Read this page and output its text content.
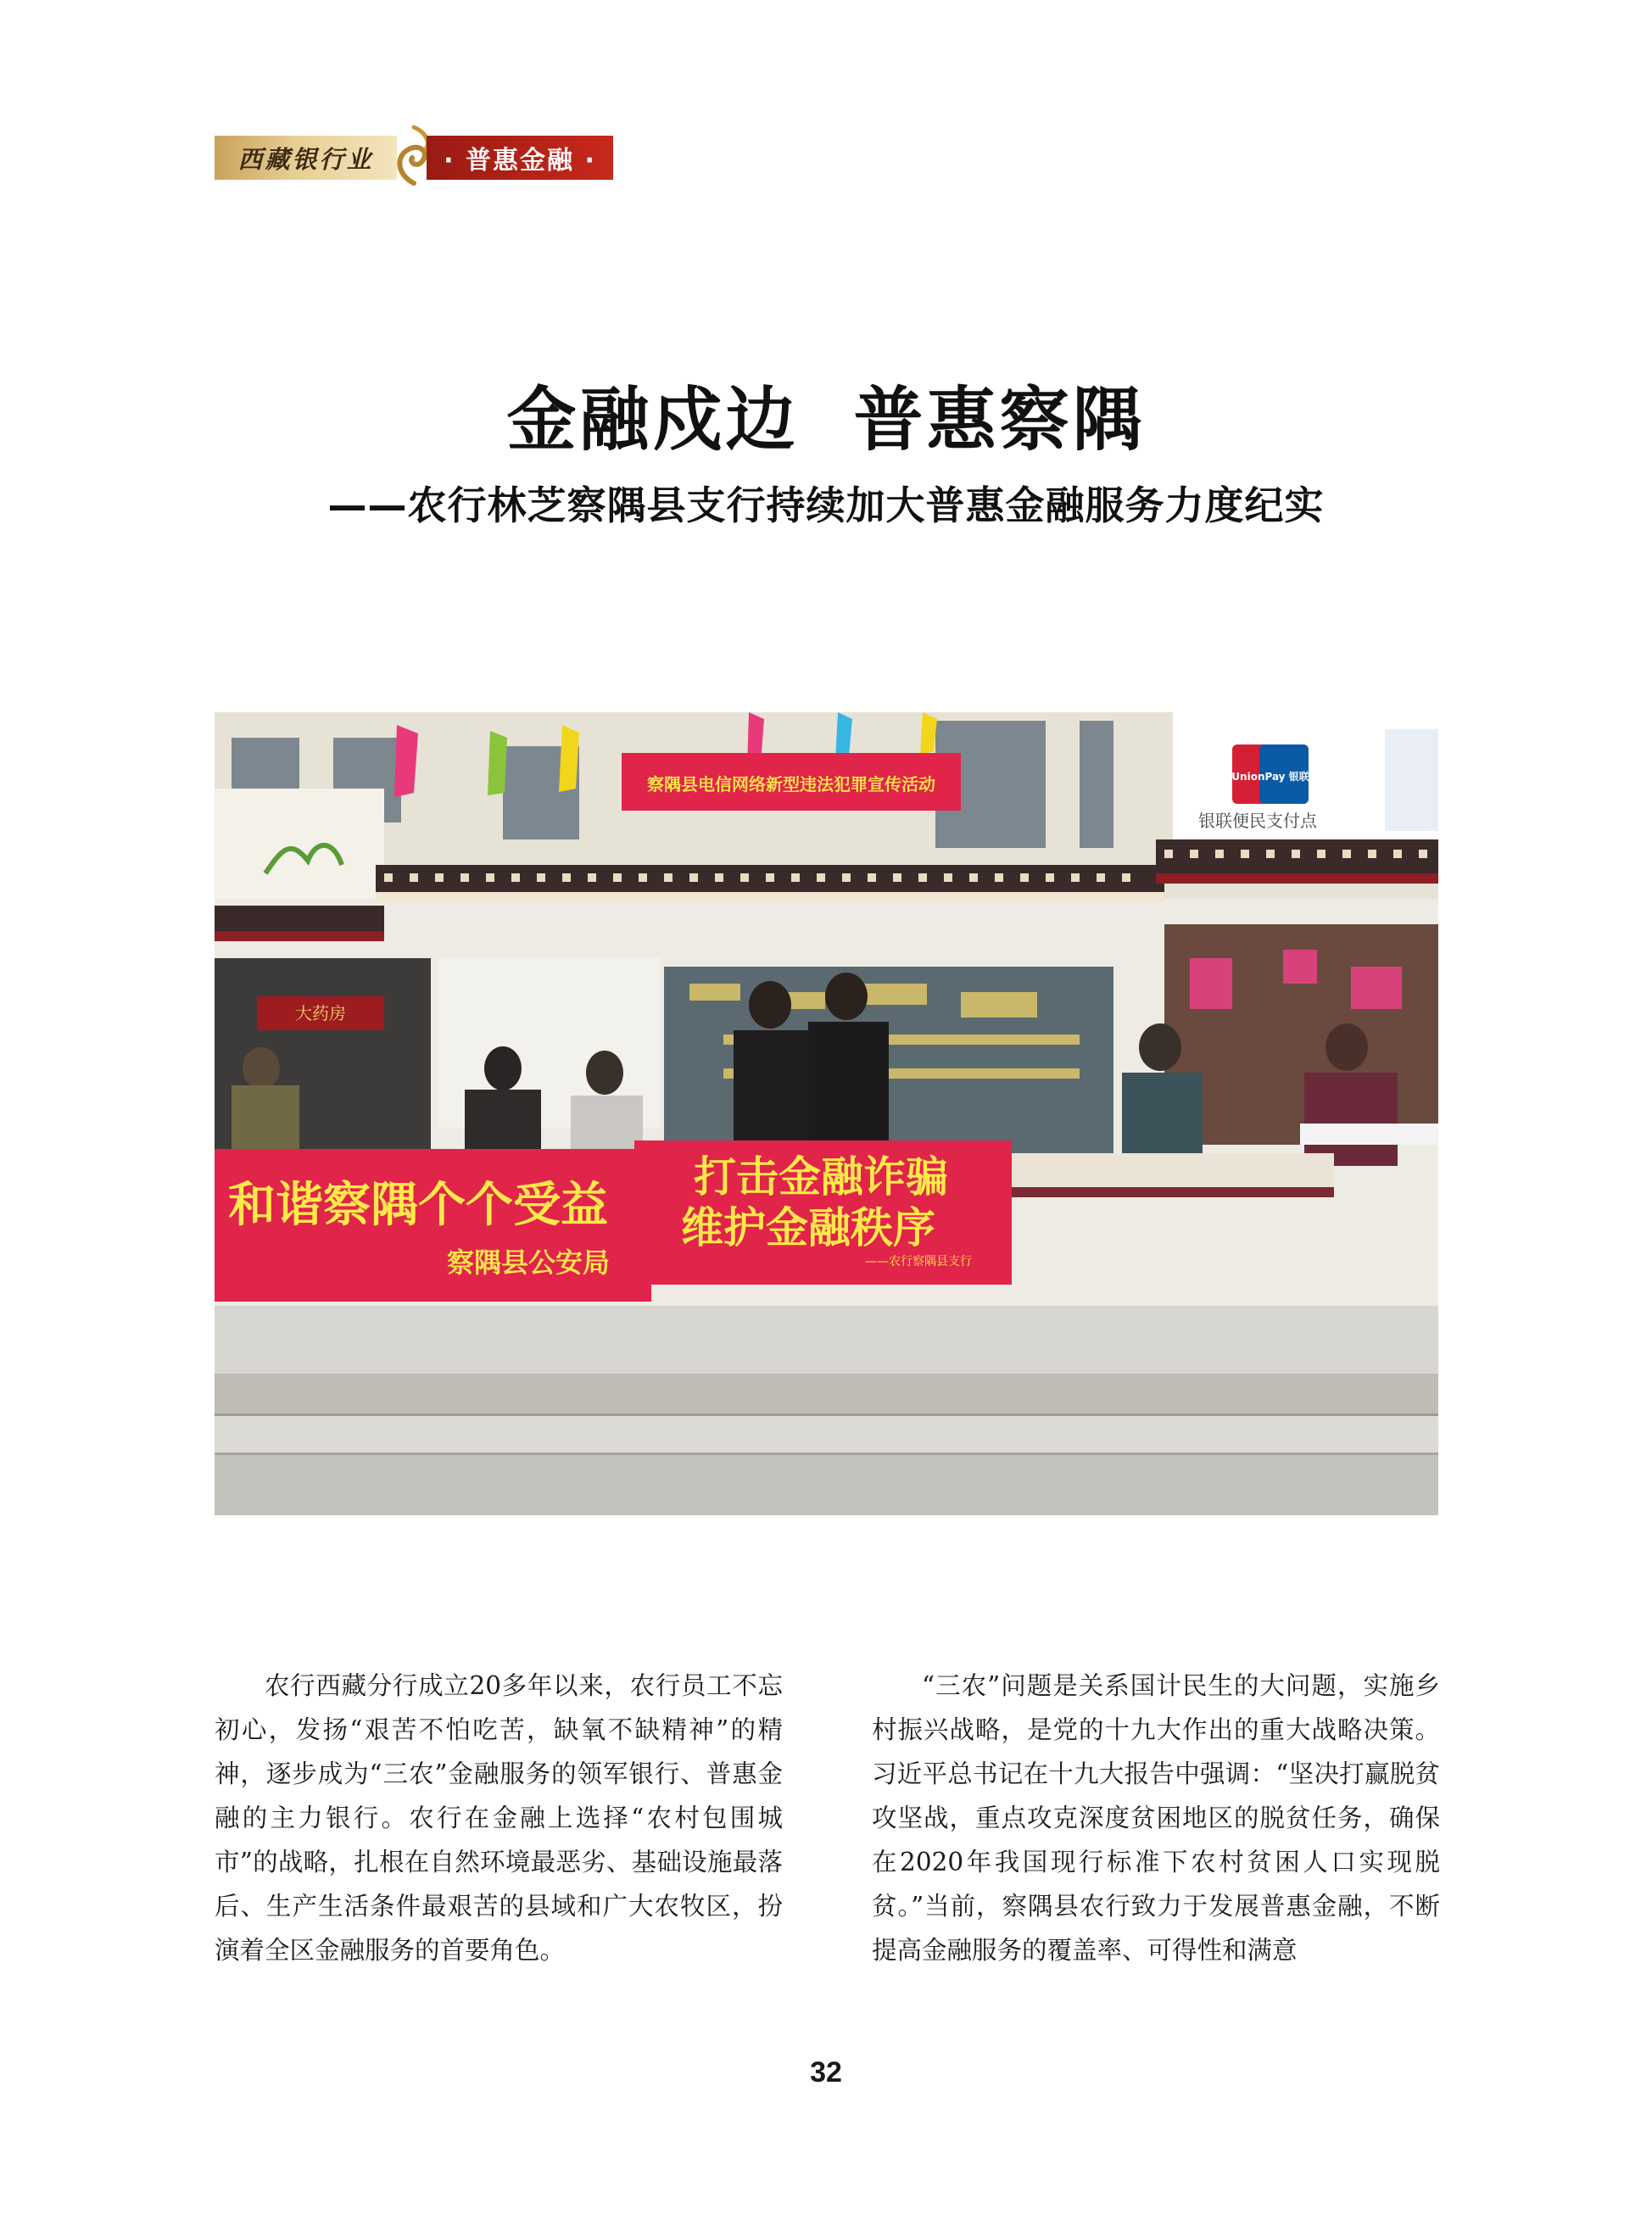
西藏银行业	· 普惠金融 ·
金融戍边  普惠察隅
——农行林芝察隅县支行持续加大普惠金融服务力度纪实
察隅县电信网络新型违法犯罪宣传活动	UnionPay 银联
银联便民支付点
大药房
和谐察隅个个受益
察隅县公安局
打击金融诈骗
维护金融秩序
——农行察隅县支行

农行西藏分行成立20多年以来，农行员工不忘初心，发扬“艰苦不怕吃苦，缺氧不缺精神”的精神，逐步成为“三农”金融服务的领军银行、普惠金融的主力银行。农行在金融上选择“农村包围城市”的战略，扎根在自然环境最恶劣、基础设施最落后、生产生活条件最艰苦的县域和广大农牧区，扮演着全区金融服务的首要角色。

“三农”问题是关系国计民生的大问题，实施乡村振兴战略，是党的十九大作出的重大战略决策。习近平总书记在十九大报告中强调：“坚决打赢脱贫攻坚战，重点攻克深度贫困地区的脱贫任务，确保在2020年我国现行标准下农村贫困人口实现脱贫。”当前，察隅县农行致力于发展普惠金融，不断提高金融服务的覆盖率、可得性和满意

32
